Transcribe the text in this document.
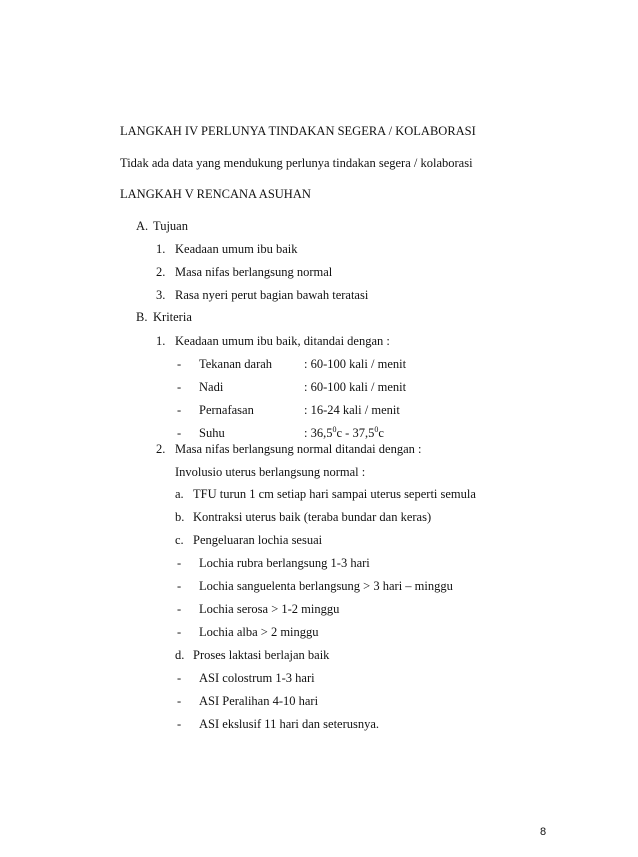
LANGKAH IV PERLUNYA TINDAKAN SEGERA / KOLABORASI
Tidak ada data yang mendukung perlunya tindakan segera / kolaborasi
LANGKAH V RENCANA ASUHAN
A. Tujuan
1. Keadaan umum ibu baik
2. Masa nifas berlangsung normal
3. Rasa nyeri perut bagian bawah teratasi
B. Kriteria
1. Keadaan umum ibu baik, ditandai dengan :
- Tekanan darah	: 60-100 kali / menit
- Nadi	: 60-100 kali / menit
- Pernafasan	: 16-24 kali / menit
- Suhu	: 36,5$^0$c - 37,5$^0$c
2. Masa nifas berlangsung normal ditandai dengan :
Involusio uterus berlangsung normal :
a. TFU turun 1 cm setiap hari sampai uterus seperti semula
b. Kontraksi uterus baik (teraba bundar dan keras)
c. Pengeluaran lochia sesuai
- Lochia rubra berlangsung 1-3 hari
- Lochia sanguelenta berlangsung > 3 hari – minggu
- Lochia serosa > 1-2 minggu
- Lochia alba > 2 minggu
d. Proses laktasi berlajan baik
- ASI colostrum 1-3 hari
- ASI Peralihan 4-10 hari
- ASI ekslusif 11 hari dan seterusnya.
8
